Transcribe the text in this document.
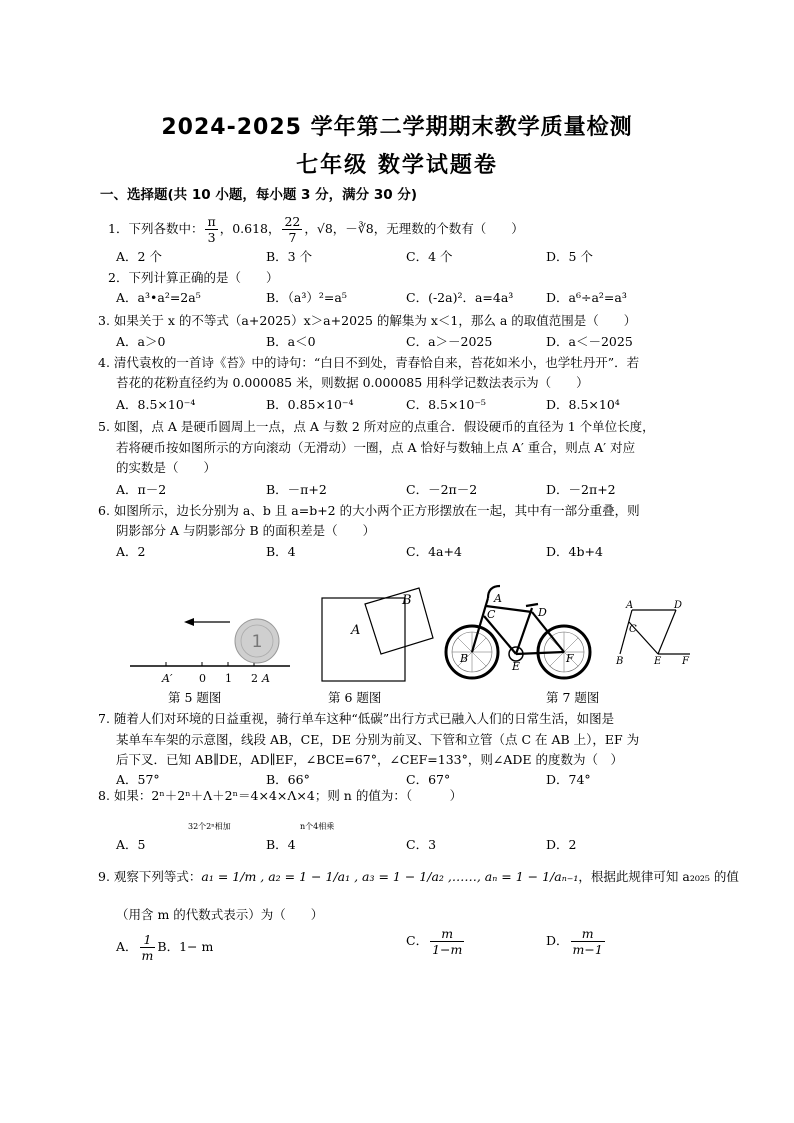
2024-2025 学年第二学期期末教学质量检测
七年级 数学试题卷
一、选择题(共 10 小题，每小题 3 分，满分 30 分)
1．下列各数中： $\frac{\pi}{3}$ ，0.618， $\frac{22}{7}$ ，√8，－∛8，无理数的个数有（　　）
A．2 个	B．3 个	C．4 个	D．5 个
2．下列计算正确的是（　　）
A．a³•a²=2a⁵	B．（a³）²=a⁵	C．(-2a)²．a=4a³	D．a⁶÷a²=a³
3. 如果关于 x 的不等式（a+2025）x＞a+2025 的解集为 x＜1，那么 a 的取值范围是（　　）
A．a＞0	B．a＜0	C．a＞－2025	D．a＜－2025
4. 清代袁枚的一首诗《苔》中的诗句：“白日不到处，青春恰自来，苔花如米小，也学牡丹开”．若
苔花的花粉直径约为 0.000085 米，则数据 0.000085 用科学记数法表示为（　　）
A．8.5×10⁻⁴	B．0.85×10⁻⁴	C．8.5×10⁻⁵	D．8.5×10⁴
5. 如图，点 A 是硬币圆周上一点，点 A 与数 2 所对应的点重合．假设硬币的直径为 1 个单位长度，
若将硬币按如图所示的方向滚动（无滑动）一圈，点 A 恰好与数轴上点 A′ 重合，则点 A′ 对应
的实数是（　　）
A．π－2	B．－π+2	C．－2π－2	D．－2π+2
6. 如图所示，边长分别为 a、b 且 a=b+2 的大小两个正方形摆放在一起，其中有一部分重叠，则
阴影部分 A 与阴影部分 B 的面积差是（　　）
A．2	B．4	C．4a+4	D．4b+4
1
A′ 0 1 2 A
第 5 题图
A
B
第 6 题图
A
D
C
B
E
F
第 7 题图
A	D
C
B	E F
7. 随着人们对环境的日益重视，骑行单车这种“低碳”出行方式已融入人们的日常生活，如图是
某单车车架的示意图，线段 AB，CE，DE 分别为前叉、下管和立管（点 C 在 AB 上），EF 为
后下叉．已知 AB∥DE，AD∥EF，∠BCE=67°，∠CEF=133°，则∠ADE 的度数为（　）
A．57°	B．66°	C．67°	D．74°
8. 如果：2ⁿ＋2ⁿ＋Λ＋2ⁿ＝4×4×Λ×4；则 n 的值为：（　　　）
32个2ⁿ相加	n个4相乘
A．5	B．4	C．3	D．2
9. 观察下列等式：a₁ = 1/m , a₂ = 1 − 1/a₁ , a₃ = 1 − 1/a₂ ,……, aₙ = 1 − 1/aₙ₋₁，根据此规律可知 a₂₀₂₅ 的值
（用含 m 的代数式表示）为（　　）
A． $\frac{1}{m}$ B．1− m	C． $\frac{m}{1-m}$	D． $\frac{m}{m-1}$
